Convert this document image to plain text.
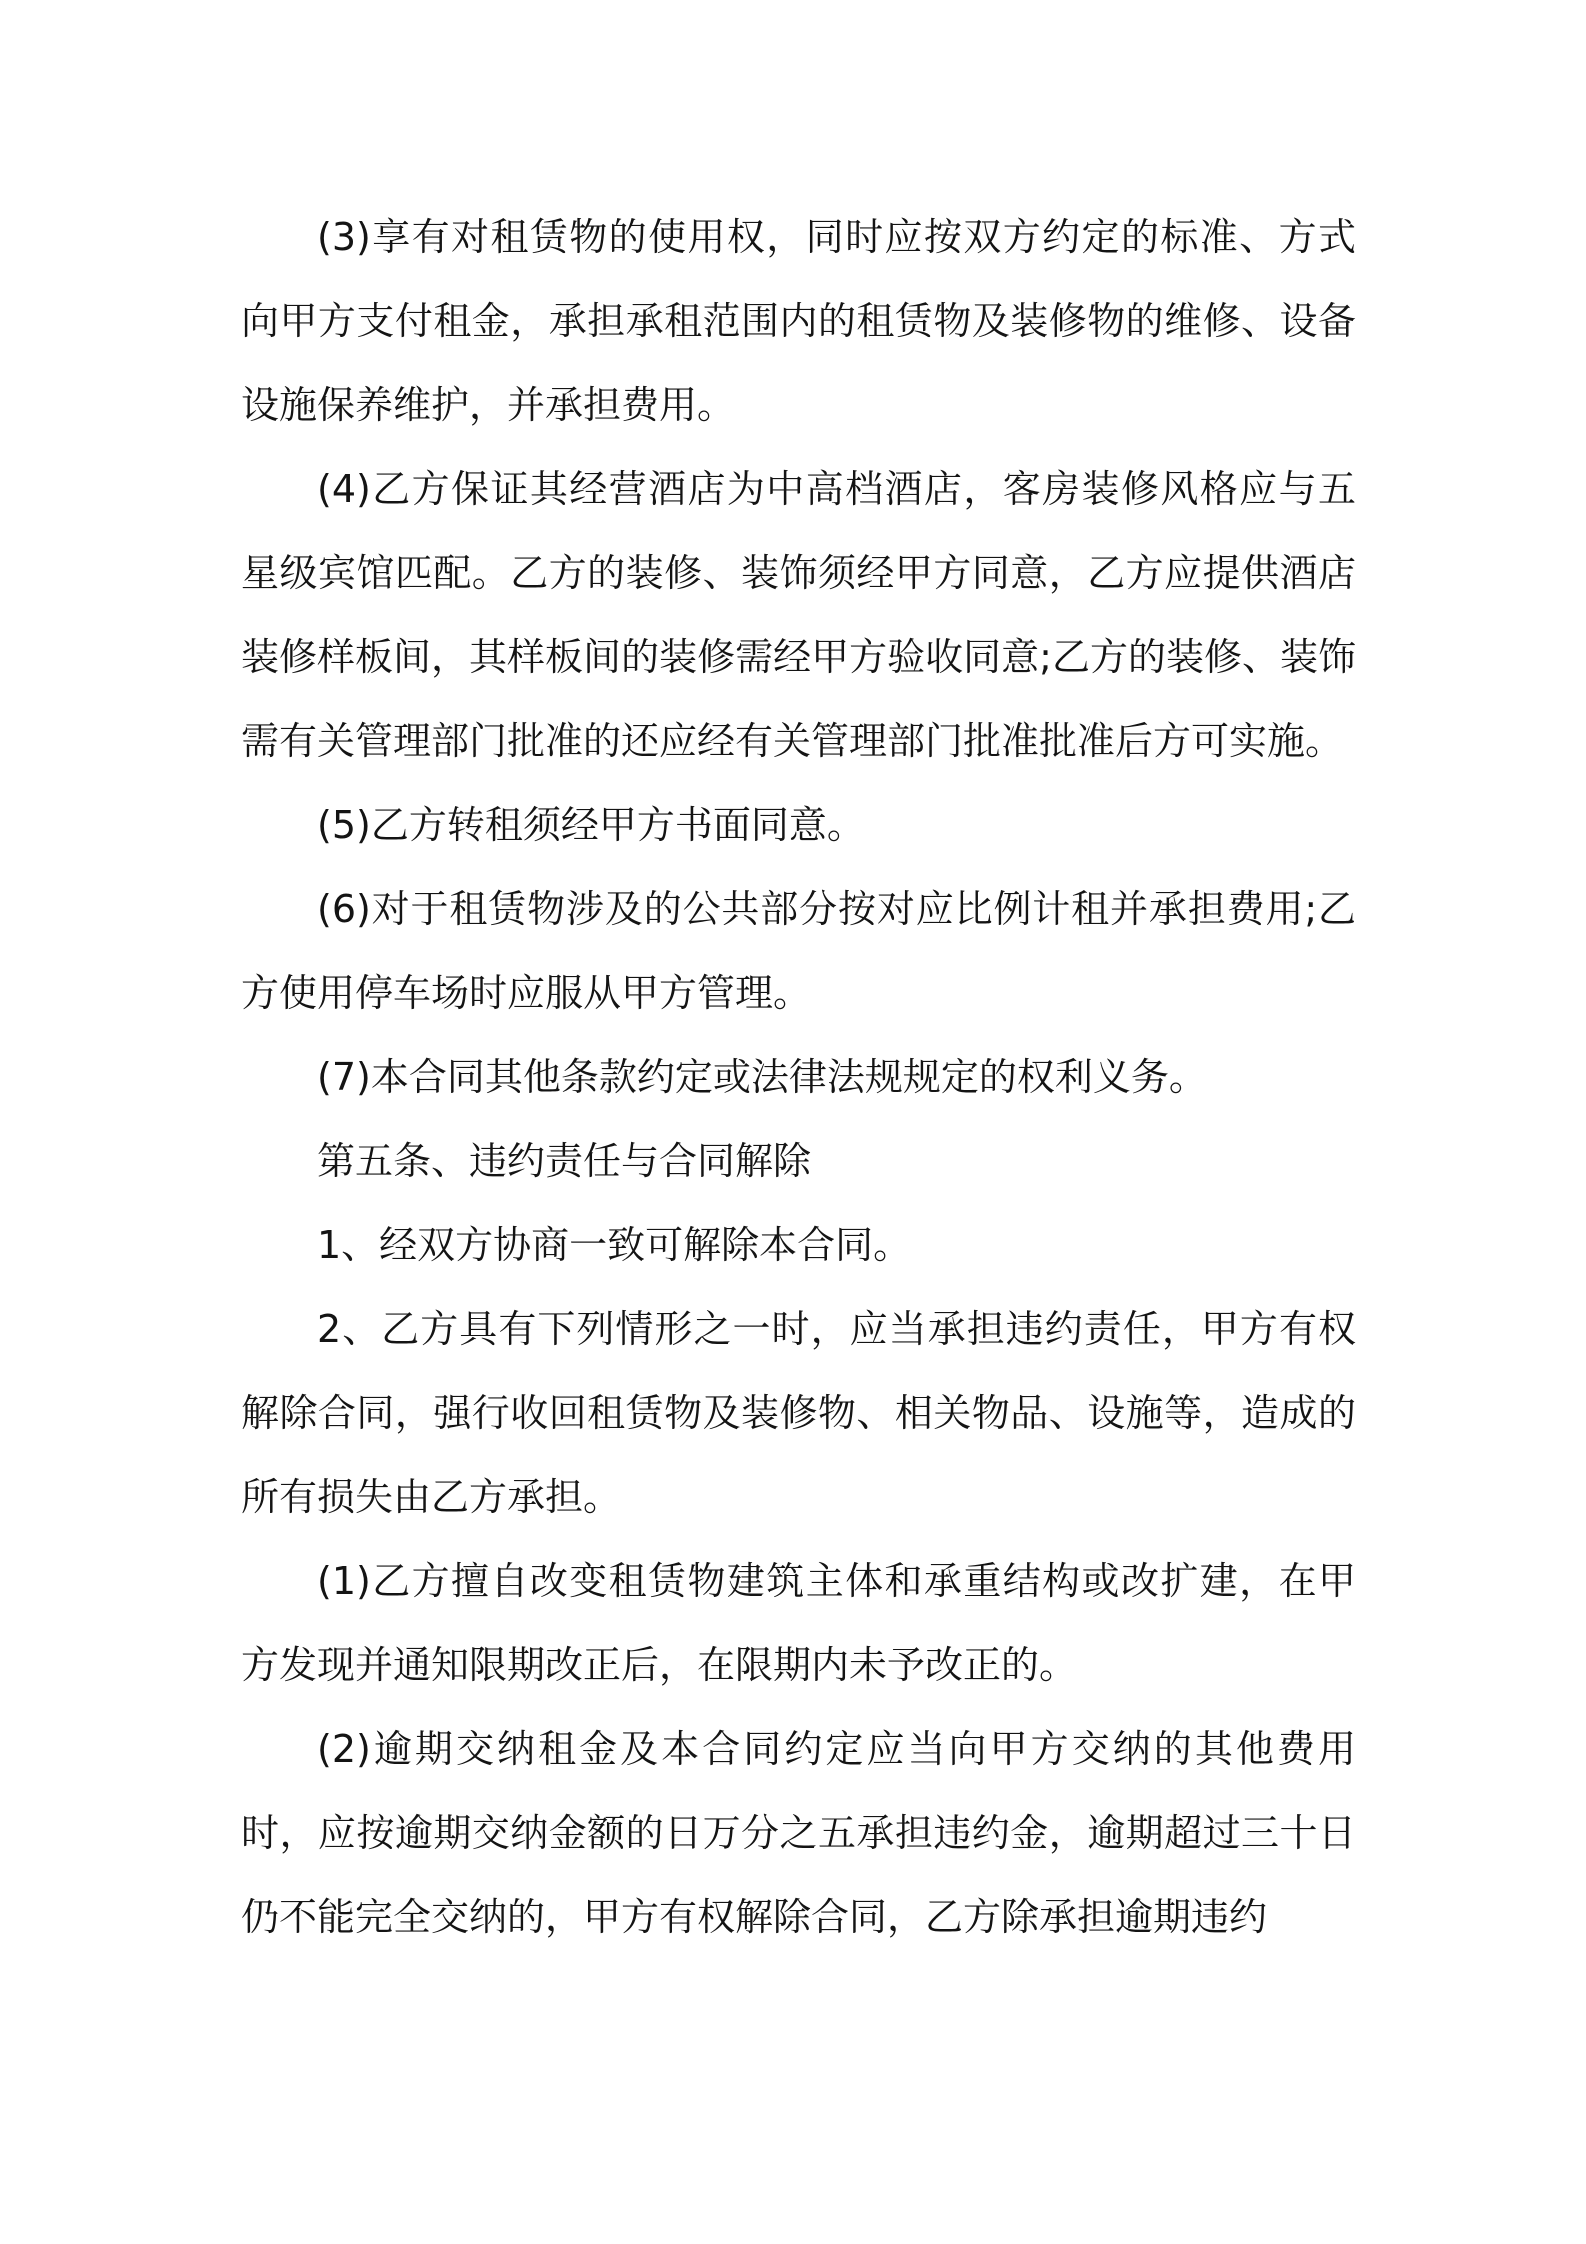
(3)享有对租赁物的使用权，同时应按双方约定的标准、方式向甲方支付租金，承担承租范围内的租赁物及装修物的维修、设备设施保养维护，并承担费用。

(4)乙方保证其经营酒店为中高档酒店，客房装修风格应与五星级宾馆匹配。乙方的装修、装饰须经甲方同意，乙方应提供酒店装修样板间，其样板间的装修需经甲方验收同意;乙方的装修、装饰需有关管理部门批准的还应经有关管理部门批准批准后方可实施。

(5)乙方转租须经甲方书面同意。

(6)对于租赁物涉及的公共部分按对应比例计租并承担费用;乙方使用停车场时应服从甲方管理。

(7)本合同其他条款约定或法律法规规定的权利义务。

第五条、违约责任与合同解除

1、经双方协商一致可解除本合同。

2、乙方具有下列情形之一时，应当承担违约责任，甲方有权解除合同，强行收回租赁物及装修物、相关物品、设施等，造成的所有损失由乙方承担。

(1)乙方擅自改变租赁物建筑主体和承重结构或改扩建，在甲方发现并通知限期改正后，在限期内未予改正的。

(2)逾期交纳租金及本合同约定应当向甲方交纳的其他费用时，应按逾期交纳金额的日万分之五承担违约金，逾期超过三十日仍不能完全交纳的，甲方有权解除合同，乙方除承担逾期违约
